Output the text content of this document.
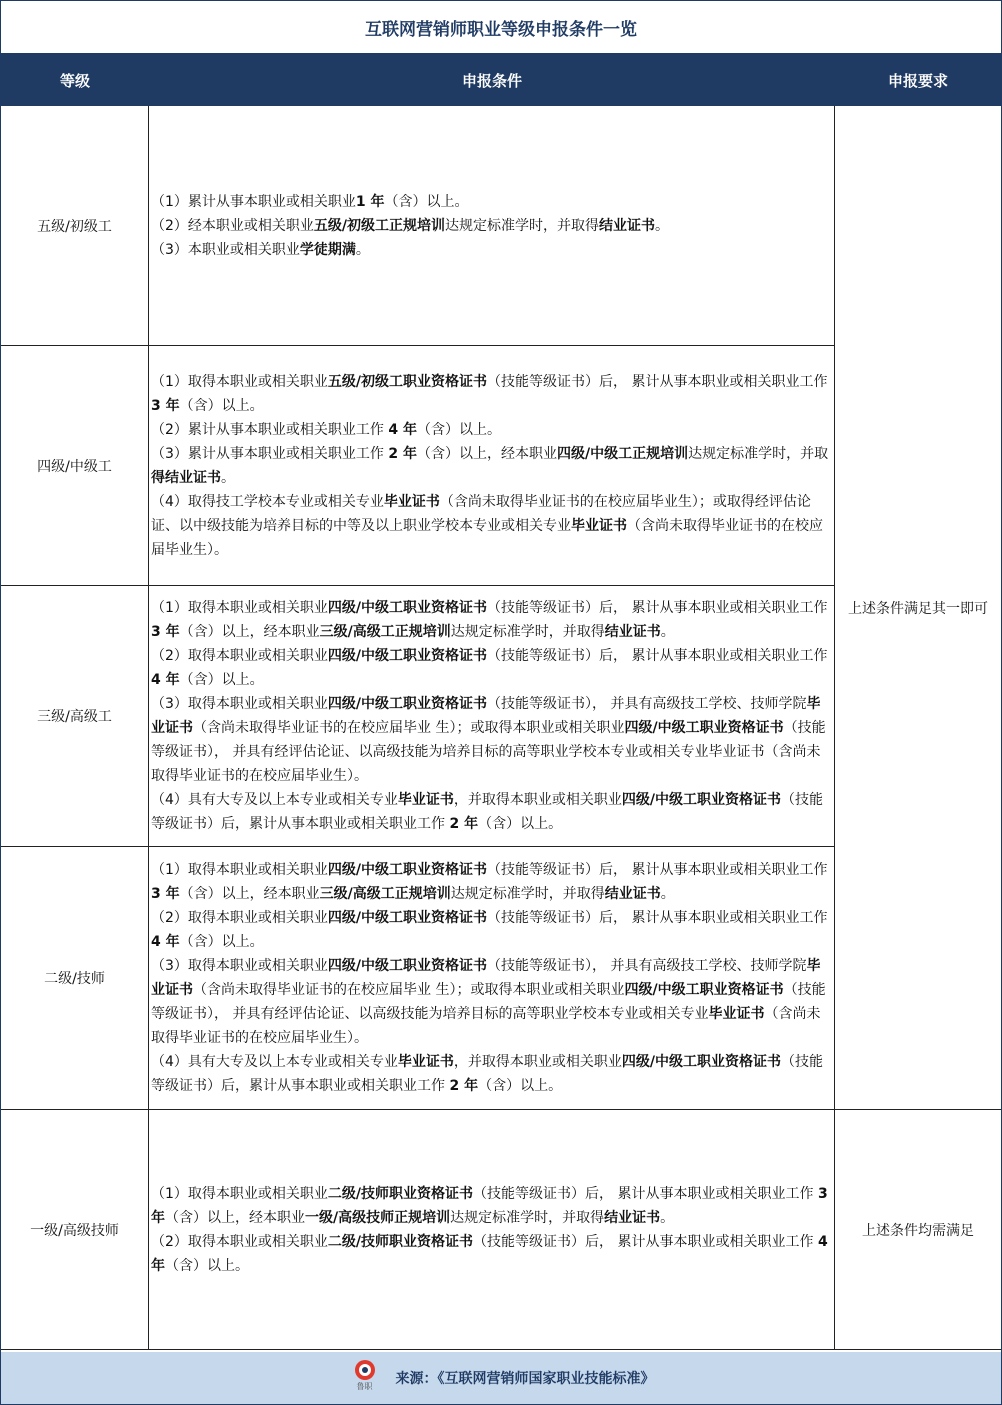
互联网营销师职业等级申报条件一览
等级	申报条件	申报要求
五级/初级工
（1）累计从事本职业或相关职业1 年（含）以上。
（2）经本职业或相关职业五级/初级工正规培训达规定标准学时，并取得结业证书。
（3）本职业或相关职业学徒期满。
四级/中级工
（1）取得本职业或相关职业五级/初级工职业资格证书（技能等级证书）后， 累计从事本职业或相关职业工作 3 年（含）以上。
（2）累计从事本职业或相关职业工作 4 年（含）以上。
（3）累计从事本职业或相关职业工作 2 年（含）以上，经本职业四级/中级工正规培训达规定标准学时，并取得结业证书。
（4）取得技工学校本专业或相关专业毕业证书（含尚未取得毕业证书的在校应届毕业生）；或取得经评估论证、以中级技能为培养目标的中等及以上职业学校本专业或相关专业毕业证书（含尚未取得毕业证书的在校应届毕业生）。
三级/高级工
（1）取得本职业或相关职业四级/中级工职业资格证书（技能等级证书）后， 累计从事本职业或相关职业工作 3 年（含）以上，经本职业三级/高级工正规培训达规定标准学时，并取得结业证书。
（2）取得本职业或相关职业四级/中级工职业资格证书（技能等级证书）后， 累计从事本职业或相关职业工作 4 年（含）以上。
（3）取得本职业或相关职业四级/中级工职业资格证书（技能等级证书）， 并具有高级技工学校、技师学院毕业证书（含尚未取得毕业证书的在校应届毕业 生）；或取得本职业或相关职业四级/中级工职业资格证书（技能等级证书）， 并具有经评估论证、以高级技能为培养目标的高等职业学校本专业或相关专业毕业证书（含尚未取得毕业证书的在校应届毕业生）。
（4）具有大专及以上本专业或相关专业毕业证书，并取得本职业或相关职业四级/中级工职业资格证书（技能等级证书）后，累计从事本职业或相关职业工作 2 年（含）以上。
二级/技师
（1）取得本职业或相关职业四级/中级工职业资格证书（技能等级证书）后， 累计从事本职业或相关职业工作 3 年（含）以上，经本职业三级/高级工正规培训达规定标准学时，并取得结业证书。
（2）取得本职业或相关职业四级/中级工职业资格证书（技能等级证书）后， 累计从事本职业或相关职业工作 4 年（含）以上。
（3）取得本职业或相关职业四级/中级工职业资格证书（技能等级证书）， 并具有高级技工学校、技师学院毕业证书（含尚未取得毕业证书的在校应届毕业 生）；或取得本职业或相关职业四级/中级工职业资格证书（技能等级证书）， 并具有经评估论证、以高级技能为培养目标的高等职业学校本专业或相关专业毕业证书（含尚未取得毕业证书的在校应届毕业生）。
（4）具有大专及以上本专业或相关专业毕业证书，并取得本职业或相关职业四级/中级工职业资格证书（技能等级证书）后，累计从事本职业或相关职业工作 2 年（含）以上。
一级/高级技师
（1）取得本职业或相关职业二级/技师职业资格证书（技能等级证书）后， 累计从事本职业或相关职业工作 3 年（含）以上，经本职业一级/高级技师正规培训达规定标准学时，并取得结业证书。
（2）取得本职业或相关职业二级/技师职业资格证书（技能等级证书）后， 累计从事本职业或相关职业工作 4 年（含）以上。
上述条件满足其一即可
上述条件均需满足
鲁职 来源：《互联网营销师国家职业技能标准》
